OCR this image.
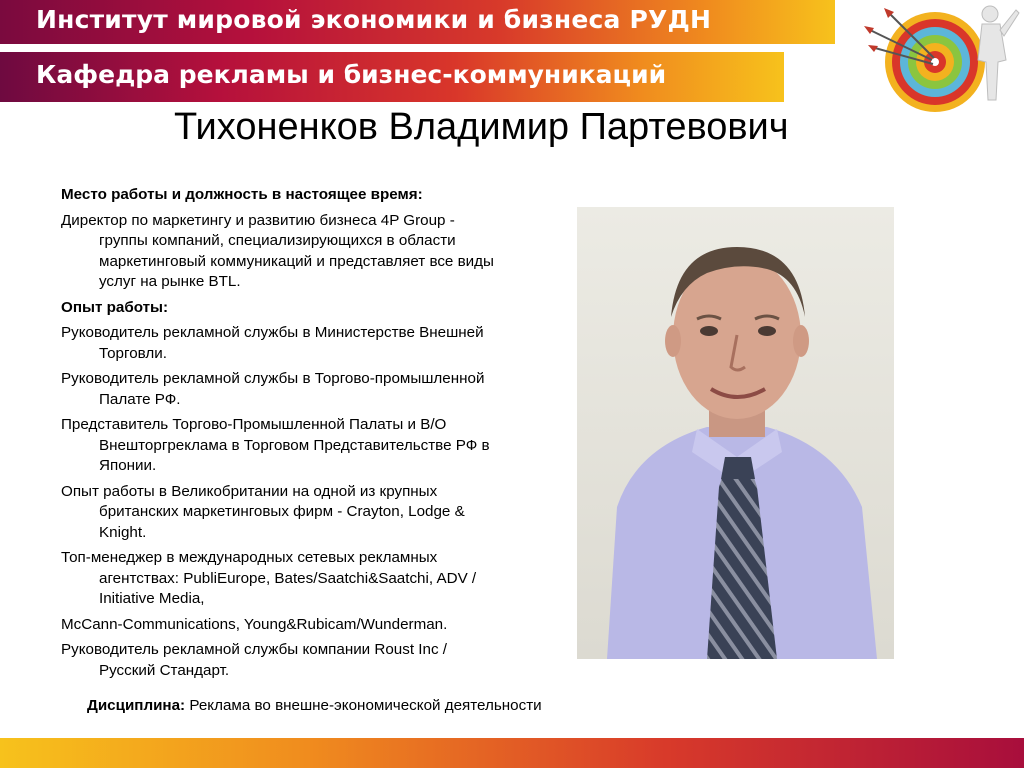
Институт мировой экономики и бизнеса РУДН
Кафедра рекламы и бизнес-коммуникаций
Тихоненков Владимир Партевович

Место работы и должность в настоящее время:

Директор по маркетингу и развитию бизнеса 4P Group - группы компаний, специализирующихся в области маркетинговый коммуникаций и представляет все виды услуг на рынке BTL.

Опыт работы:

Руководитель рекламной службы в Министерстве Внешней Торговли.

Руководитель рекламной службы в Торгово-промышленной Палате РФ.

Представитель Торгово-Промышленной Палаты и В/О Внешторгреклама в Торговом Представительстве РФ в Японии.

Опыт работы в Великобритании на одной из крупных британских маркетинговых фирм - Crayton, Lodge & Knight.

Топ-менеджер в международных сетевых рекламных агентствах: PubliEurope, Bates/Saatchi&Saatchi, ADV / Initiative Media,

McCann-Communications, Young&Rubicam/Wunderman.

Руководитель рекламной службы компании Roust Inc / Русский Стандарт.

Дисциплина: Реклама во внешне-экономической деятельности
